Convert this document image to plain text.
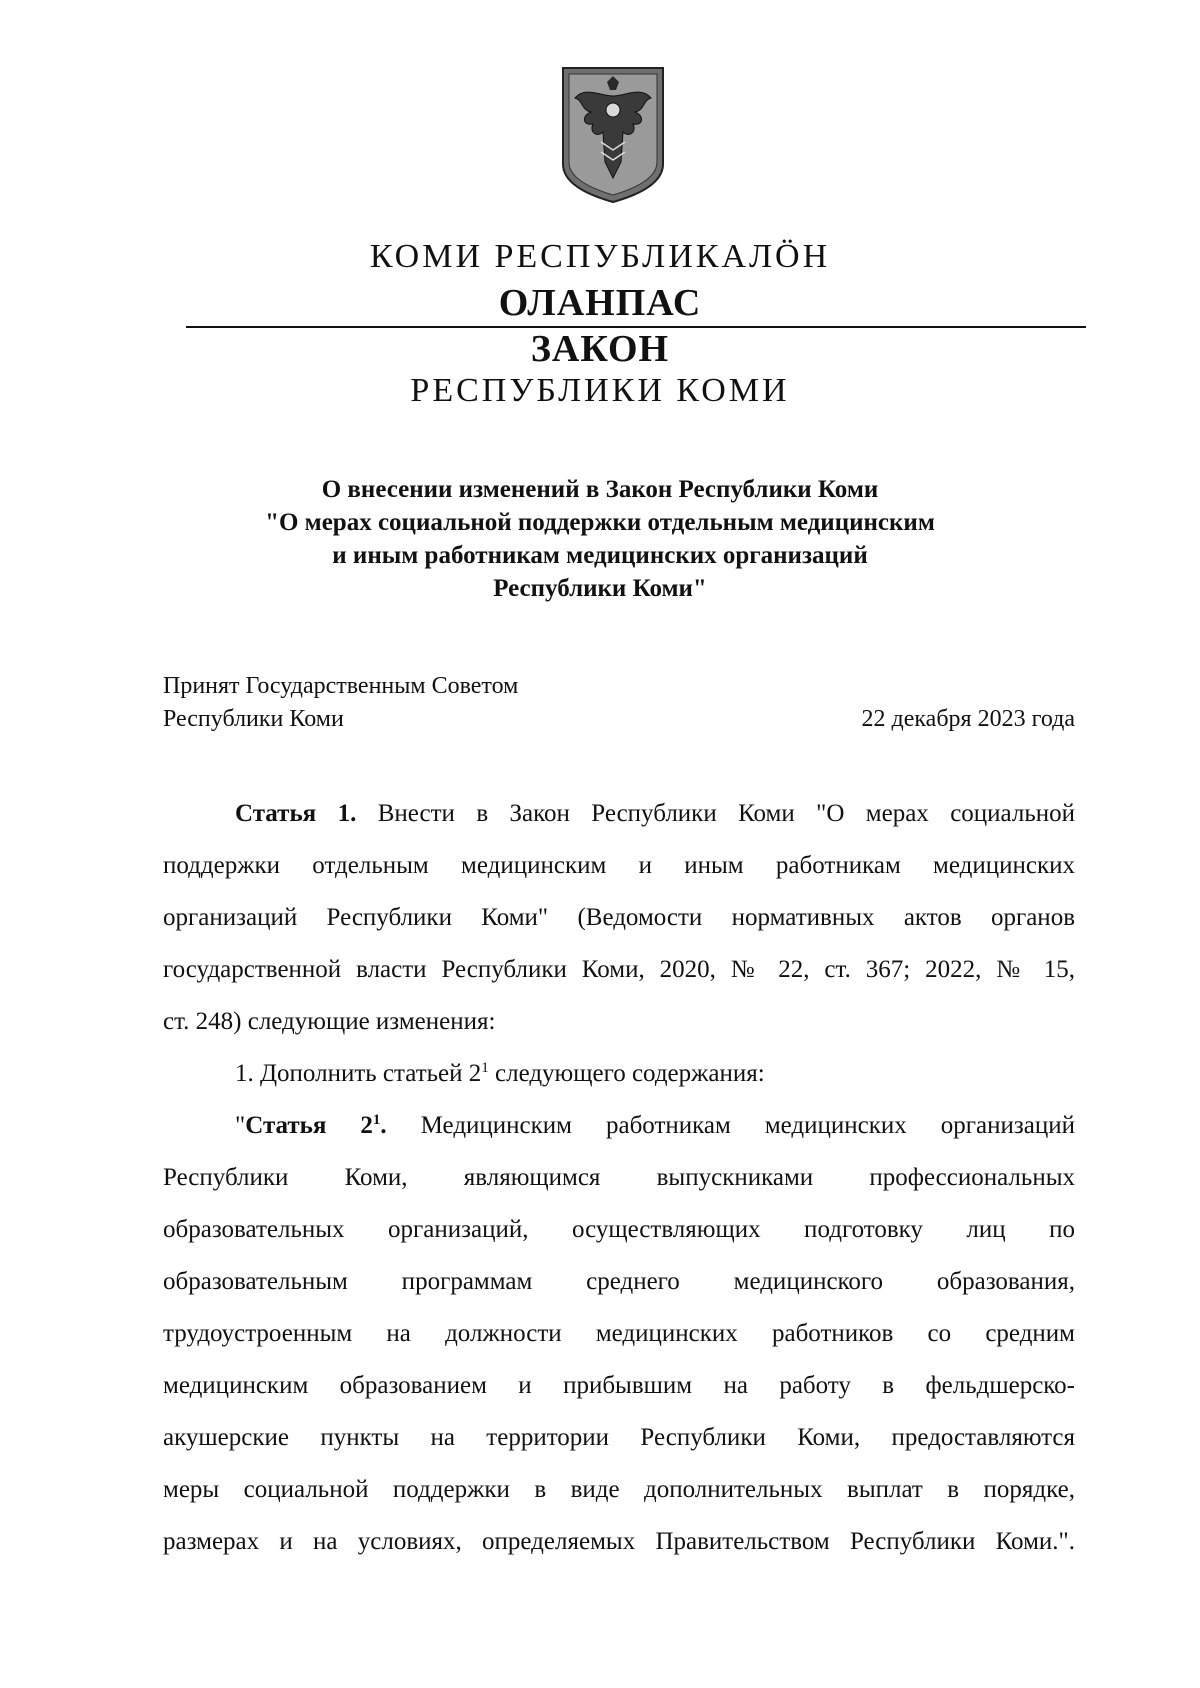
КОМИ РЕСПУБЛИКАЛÖН
ОЛАНПАС
ЗАКОН
РЕСПУБЛИКИ КОМИ
О внесении изменений в Закон Республики Коми
"О мерах социальной поддержки отдельным медицинским
и иным работникам медицинских организаций
Республики Коми"
Принят Государственным Советом
Республики Коми	22 декабря 2023 года
Статья 1. Внести в Закон Республики Коми "О мерах социальной
поддержки отдельным медицинским и иным работникам медицинских
организаций Республики Коми" (Ведомости нормативных актов органов
государственной власти Республики Коми, 2020, № 22, ст. 367; 2022, № 15,
ст. 248) следующие изменения:
1. Дополнить статьей $2^1$ следующего содержания:
"Статья $2^1$. Медицинским работникам медицинских организаций
Республики Коми, являющимся выпускниками профессиональных
образовательных организаций, осуществляющих подготовку лиц по
образовательным программам среднего медицинского образования,
трудоустроенным на должности медицинских работников со средним
медицинским образованием и прибывшим на работу в фельдшерско-
акушерские пункты на территории Республики Коми, предоставляются
меры социальной поддержки в виде дополнительных выплат в порядке,
размерах и на условиях, определяемых Правительством Республики Коми.".
